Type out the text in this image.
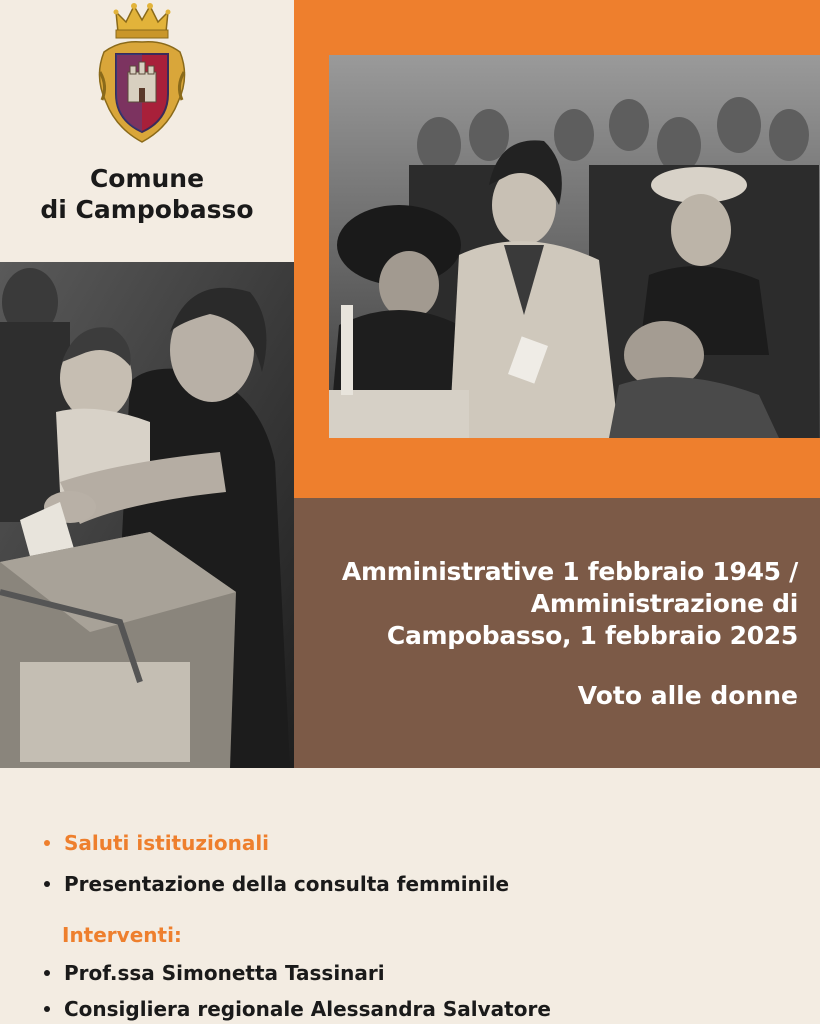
Comune
di Campobasso
Amministrative 1 febbraio 1945 /
Amministrazione di
Campobasso, 1 febbraio 2025
Voto alle donne
Saluti istituzionali
Presentazione della consulta femminile
Interventi:
Prof.ssa Simonetta Tassinari
Consigliera regionale Alessandra Salvatore
